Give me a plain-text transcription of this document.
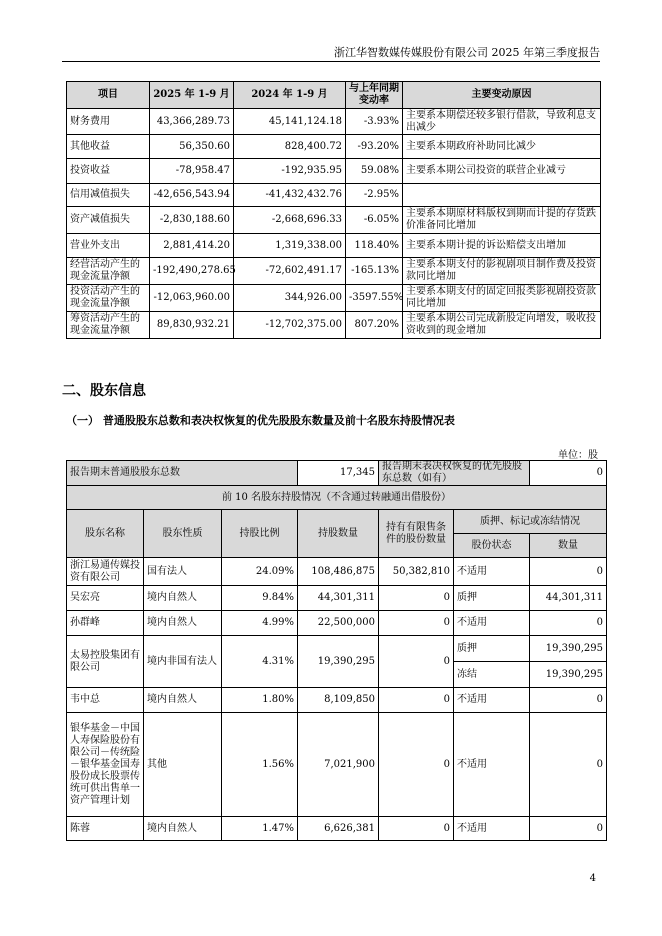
浙江华智数媒传媒股份有限公司 2025 年第三季度报告
项目	2025 年 1-9 月	2024 年 1-9 月	与上年同期变动率	主要变动原因
财务费用	43,366,289.73	45,141,124.18	-3.93%	主要系本期偿还较多银行借款，导致利息支出减少
其他收益	56,350.60	828,400.72	-93.20%	主要系本期政府补助同比减少
投资收益	-78,958.47	-192,935.95	59.08%	主要系本期公司投资的联营企业减亏
信用减值损失	-42,656,543.94	-41,432,432.76	-2.95%	
资产减值损失	-2,830,188.60	-2,668,696.33	-6.05%	主要系本期原材料版权到期而计提的存货跌价准备同比增加
营业外支出	2,881,414.20	1,319,338.00	118.40%	主要系本期计提的诉讼赔偿支出增加
经营活动产生的现金流量净额	-192,490,278.65	-72,602,491.17	-165.13%	主要系本期支付的影视剧项目制作费及投资款同比增加
投资活动产生的现金流量净额	-12,063,960.00	344,926.00	-3597.55%	主要系本期支付的固定回报类影视剧投资款同比增加
筹资活动产生的现金流量净额	89,830,932.21	-12,702,375.00	807.20%	主要系本期公司完成新股定向增发，吸收投资收到的现金增加
二、股东信息
（一） 普通股股东总数和表决权恢复的优先股股东数量及前十名股东持股情况表
单位：股
报告期末普通股股东总数			17,345	报告期末表决权恢复的优先股股东总数（如有）		0
前 10 名股东持股情况（不含通过转融通出借股份）						
股东名称	股东性质	持股比例	持股数量	持有有限售条件的股份数量	质押、标记或冻结情况	
					股份状态	数量
浙江易通传媒投资有限公司	国有法人	24.09%	108,486,875	50,382,810	不适用	0
吴宏亮	境内自然人	9.84%	44,301,311	0	质押	44,301,311
孙群峰	境内自然人	4.99%	22,500,000	0	不适用	0
太易控股集团有限公司	境内非国有法人	4.31%	19,390,295	0	质押	19,390,295
					冻结	19,390,295
韦中总	境内自然人	1.80%	8,109,850	0	不适用	0
银华基金－中国人寿保险股份有限公司－传统险－银华基金国寿股份成长股票传统可供出售单一资产管理计划	其他	1.56%	7,021,900	0	不适用	0
陈蓉	境内自然人	1.47%	6,626,381	0	不适用	0
4
